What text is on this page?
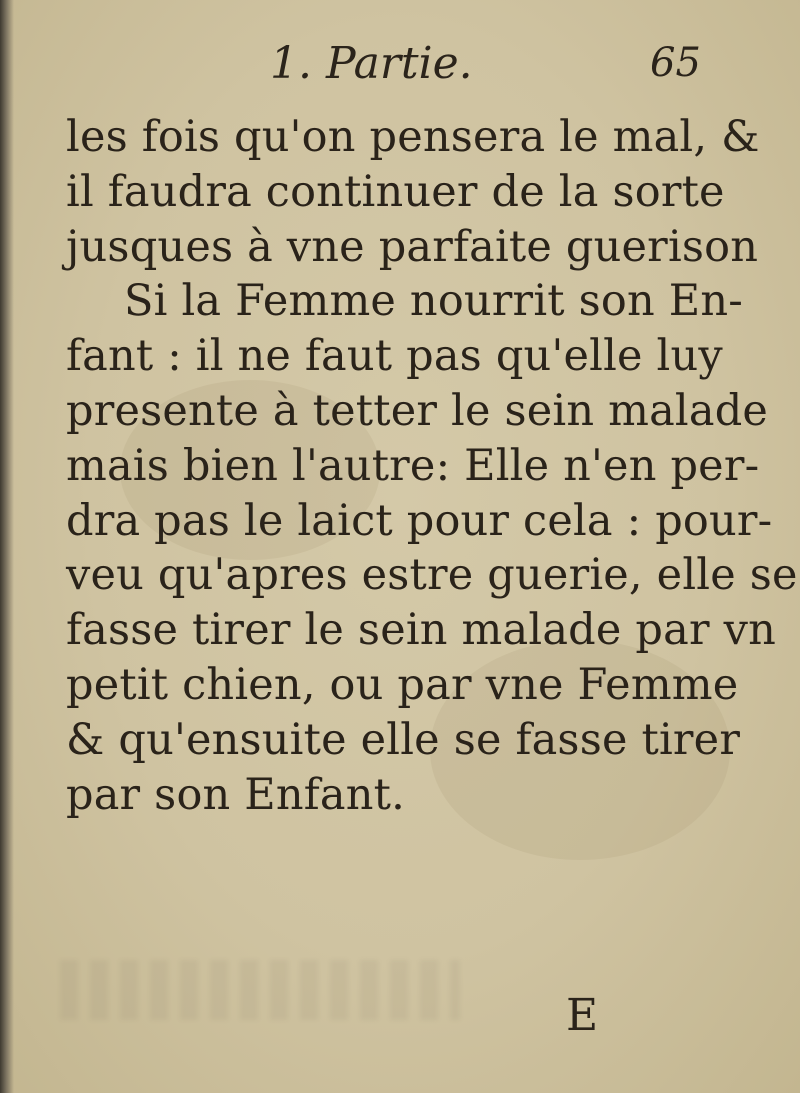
1. Partie.	65
les fois qu'on pensera le mal, &
il faudra continuer de la sorte
jusques à vne parfaite guerison
Si la Femme nourrit son En-
fant : il ne faut pas qu'elle luy
presente à tetter le sein malade
mais bien l'autre: Elle n'en per-
dra pas le laict pour cela : pour-
veu qu'apres estre guerie, elle se
fasse tirer le sein malade par vn
petit chien, ou par vne Femme
& qu'ensuite elle se fasse tirer
par son Enfant.
E
